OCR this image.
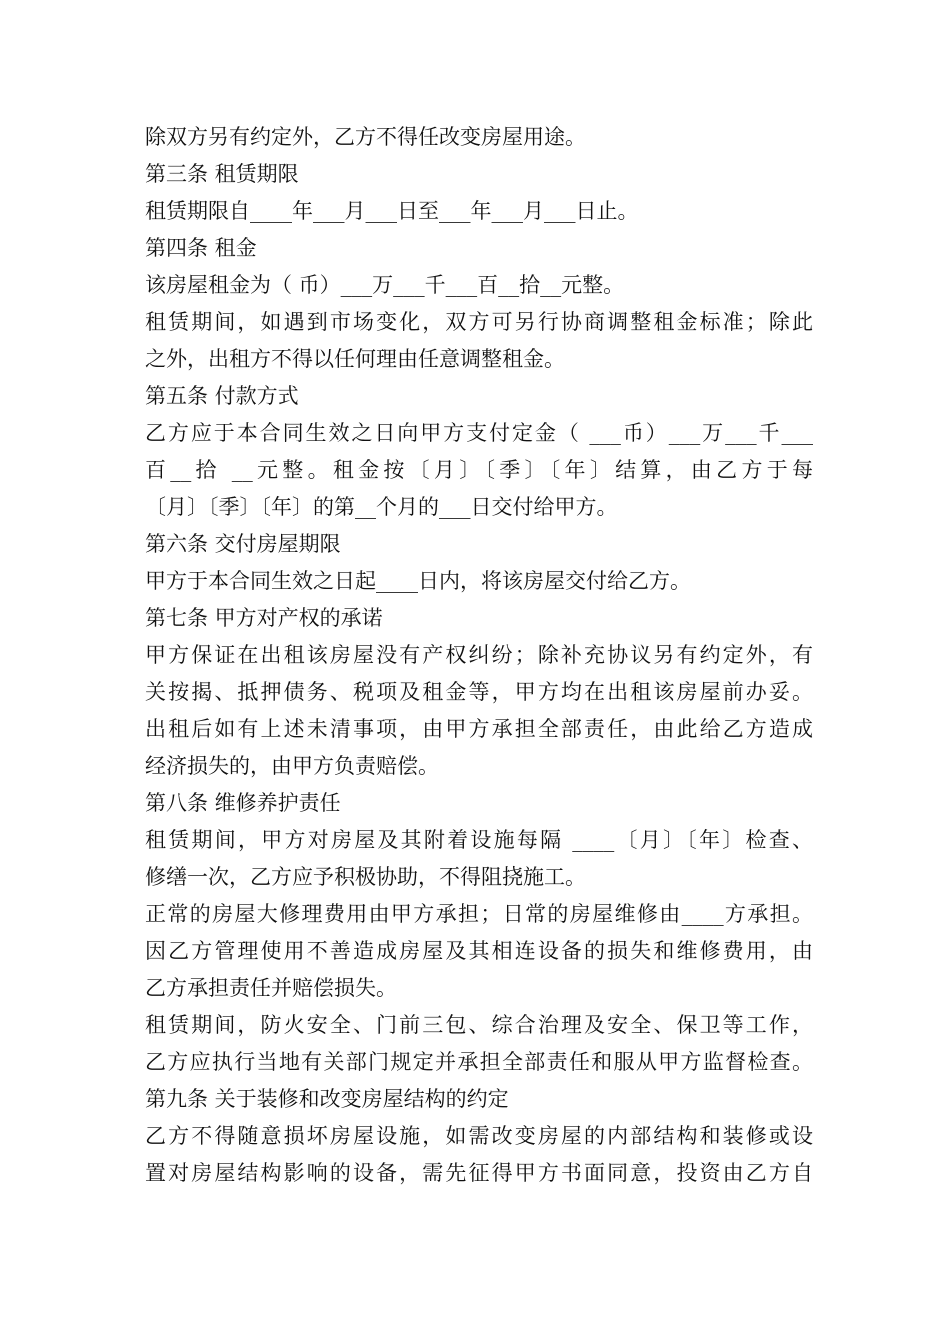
除双方另有约定外，乙方不得任改变房屋用途。
第三条 租赁期限
租赁期限自____年___月___日至___年___月___日止。
第四条 租金
该房屋租金为（ 币）___万___千___百__拾__元整。
租赁期间，如遇到市场变化，双方可另行协商调整租金标准；除此
之外，出租方不得以任何理由任意调整租金。
第五条 付款方式
乙方应于本合同生效之日向甲方支付定金（ ___币）___万___千___
百__拾 __元整。租金按〔月〕〔季〕〔年〕结算，由乙方于每
〔月〕〔季〕〔年〕的第__个月的___日交付给甲方。
第六条 交付房屋期限
甲方于本合同生效之日起____日内，将该房屋交付给乙方。
第七条 甲方对产权的承诺
甲方保证在出租该房屋没有产权纠纷；除补充协议另有约定外，有
关按揭、抵押债务、税项及租金等，甲方均在出租该房屋前办妥。
出租后如有上述未清事项，由甲方承担全部责任，由此给乙方造成
经济损失的，由甲方负责赔偿。
第八条 维修养护责任
租赁期间，甲方对房屋及其附着设施每隔 ____〔月〕〔年〕检查、
修缮一次，乙方应予积极协助，不得阻挠施工。
正常的房屋大修理费用由甲方承担；日常的房屋维修由____方承担。
因乙方管理使用不善造成房屋及其相连设备的损失和维修费用，由
乙方承担责任并赔偿损失。
租赁期间，防火安全、门前三包、综合治理及安全、保卫等工作，
乙方应执行当地有关部门规定并承担全部责任和服从甲方监督检查。
第九条 关于装修和改变房屋结构的约定
乙方不得随意损坏房屋设施，如需改变房屋的内部结构和装修或设
置对房屋结构影响的设备，需先征得甲方书面同意，投资由乙方自
